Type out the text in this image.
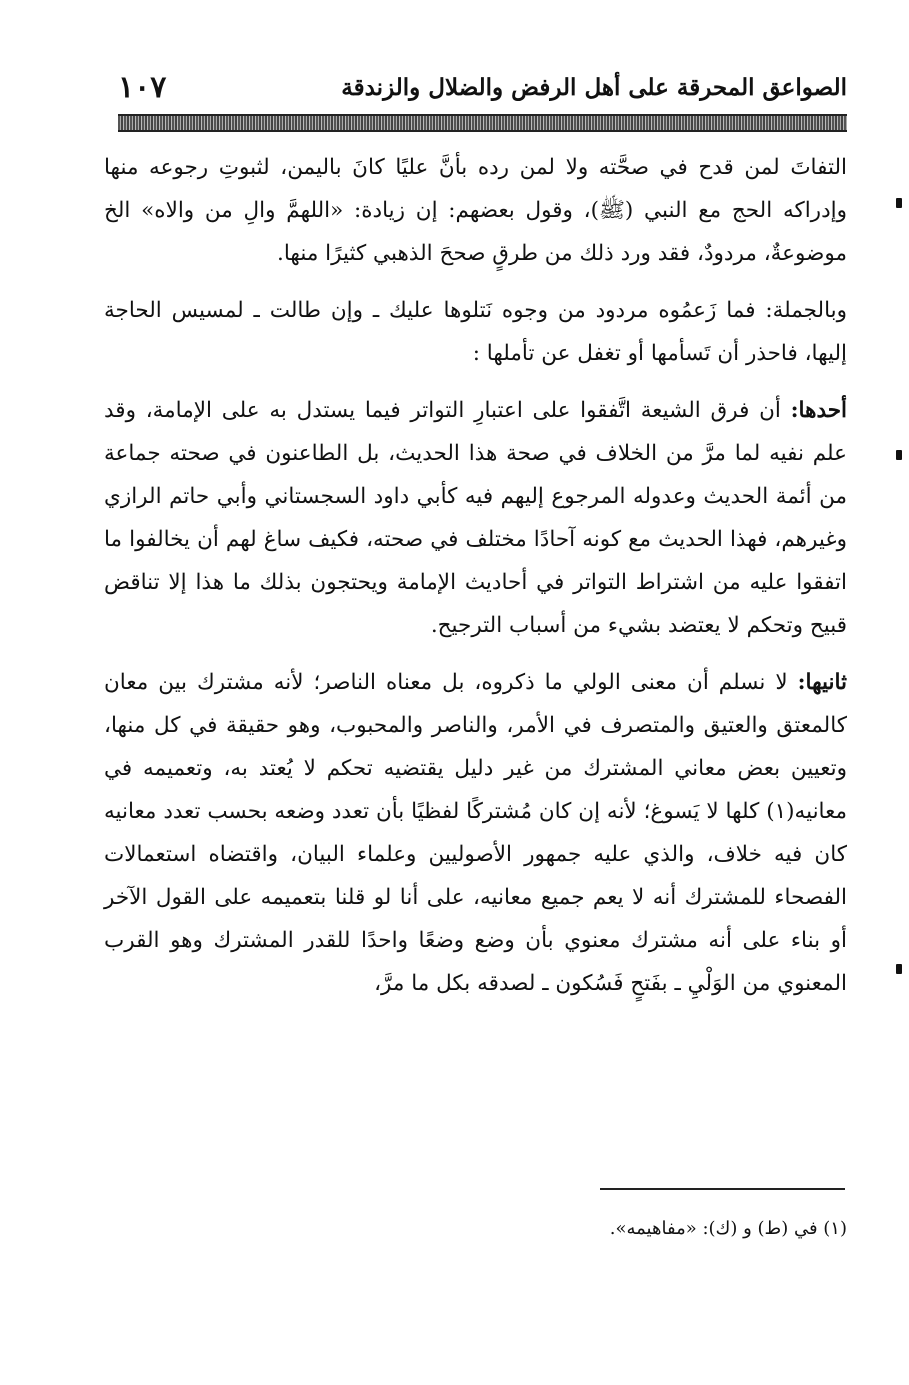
الصواعق المحرقة على أهل الرفض والضلال والزندقة
١٠٧

التفاتَ لمن قدح في صحَّته ولا لمن رده بأنَّ عليًا كانَ باليمن، لثبوتِ رجوعه منها وإدراكه الحج مع النبي (ﷺ)، وقول بعضهم: إن زيادة: «اللهمَّ والِ من والاه» الخ موضوعةٌ، مردودٌ، فقد ورد ذلك من طرقٍ صححَ الذهبي كثيرًا منها.

وبالجملة: فما زَعمُوه مردود من وجوه نَتلوها عليك ـ وإن طالت ـ لمسيس الحاجة إليها، فاحذر أن تَسأمها أو تغفل عن تأملها :

أحدها: أن فرق الشيعة اتَّفقوا على اعتبارِ التواتر فيما يستدل به على الإمامة، وقد علم نفيه لما مرَّ من الخلاف في صحة هذا الحديث، بل الطاعنون في صحته جماعة من أئمة الحديث وعدوله المرجوع إليهم فيه كأبي داود السجستاني وأبي حاتم الرازي وغيرهم، فهذا الحديث مع كونه آحادًا مختلف في صحته، فكيف ساغ لهم أن يخالفوا ما اتفقوا عليه من اشتراط التواتر في أحاديث الإمامة ويحتجون بذلك ما هذا إلا تناقض قبيح وتحكم لا يعتضد بشيء من أسباب الترجيح.

ثانيها: لا نسلم أن معنى الولي ما ذكروه، بل معناه الناصر؛ لأنه مشترك بين معان كالمعتق والعتيق والمتصرف في الأمر، والناصر والمحبوب، وهو حقيقة في كل منها، وتعيين بعض معاني المشترك من غير دليل يقتضيه تحكم لا يُعتد به، وتعميمه في معانيه(١) كلها لا يَسوغ؛ لأنه إن كان مُشتركًا لفظيًا بأن تعدد وضعه بحسب تعدد معانيه كان فيه خلاف، والذي عليه جمهور الأصوليين وعلماء البيان، واقتضاه استعمالات الفصحاء للمشترك أنه لا يعم جميع معانيه، على أنا لو قلنا بتعميمه على القول الآخر أو بناء على أنه مشترك معنوي بأن وضع وضعًا واحدًا للقدر المشترك وهو القرب المعنوي من الوَلْيِ ـ بفَتحٍ فَسُكون ـ لصدقه بكل ما مرَّ،

(١) في (ط) و (ك): «مفاهيمه».
